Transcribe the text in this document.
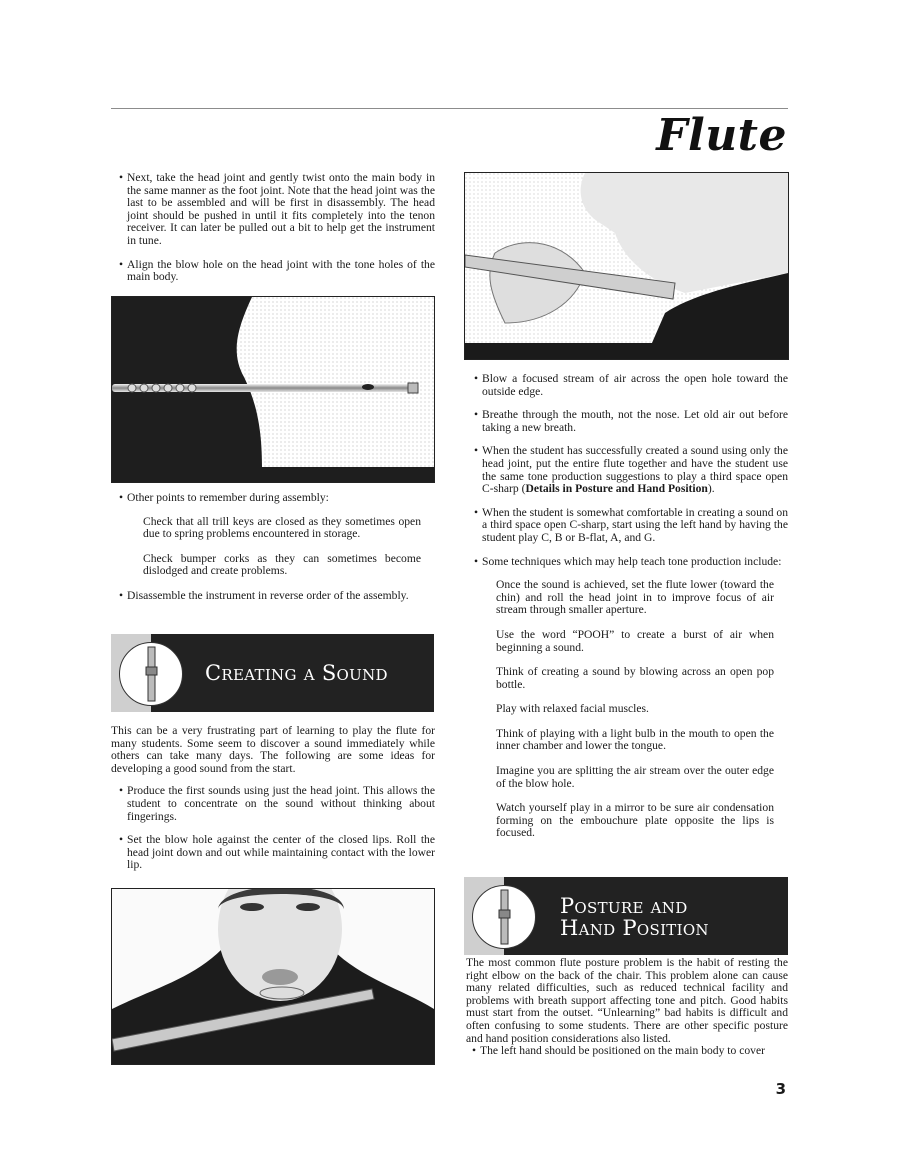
Flute

• Next, take the head joint and gently twist onto the main body in the same manner as the foot joint. Note that the head joint was the last to be assembled and will be first in disassembly. The head joint should be pushed in until it fits completely into the tenon receiver. It can later be pulled out a bit to help get the instrument in tune.

• Align the blow hole on the head joint with the tone holes of the main body.

• Other points to remember during assembly:

Check that all trill keys are closed as they sometimes open due to spring problems encountered in storage.

Check bumper corks as they can sometimes become dislodged and create problems.

• Disassemble the instrument in reverse order of the assembly.

Creating a Sound

This can be a very frustrating part of learning to play the flute for many students. Some seem to discover a sound immediately while others can take many days. The following are some ideas for developing a good sound from the start.

• Produce the first sounds using just the head joint. This allows the student to concentrate on the sound without thinking about fingerings.

• Set the blow hole against the center of the closed lips. Roll the head joint down and out while maintaining contact with the lower lip.

• Blow a focused stream of air across the open hole toward the outside edge.

• Breathe through the mouth, not the nose. Let old air out before taking a new breath.

• When the student has successfully created a sound using only the head joint, put the entire flute together and have the student use the same tone production suggestions to play a third space open C-sharp (Details in Posture and Hand Position).

• When the student is somewhat comfortable in creating a sound on a third space open C-sharp, start using the left hand by having the student play C, B or B-flat, A, and G.

• Some techniques which may help teach tone production include:

Once the sound is achieved, set the flute lower (toward the chin) and roll the head joint in to improve focus of air stream through smaller aperture.

Use the word “POOH” to create a burst of air when beginning a sound.

Think of creating a sound by blowing across an open pop bottle.

Play with relaxed facial muscles.

Think of playing with a light bulb in the mouth to open the inner chamber and lower the tongue.

Imagine you are splitting the air stream over the outer edge of the blow hole.

Watch yourself play in a mirror to be sure air condensation forming on the embouchure plate opposite the lips is focused.

Posture and
Hand Position

The most common flute posture problem is the habit of resting the right elbow on the back of the chair. This problem alone can cause many related difficulties, such as reduced technical facility and problems with breath support affecting tone and pitch. Good habits must start from the outset. “Unlearning” bad habits is difficult and often confusing to some students. There are other specific posture and hand position considerations also listed.

• The left hand should be positioned on the main body to cover

3
